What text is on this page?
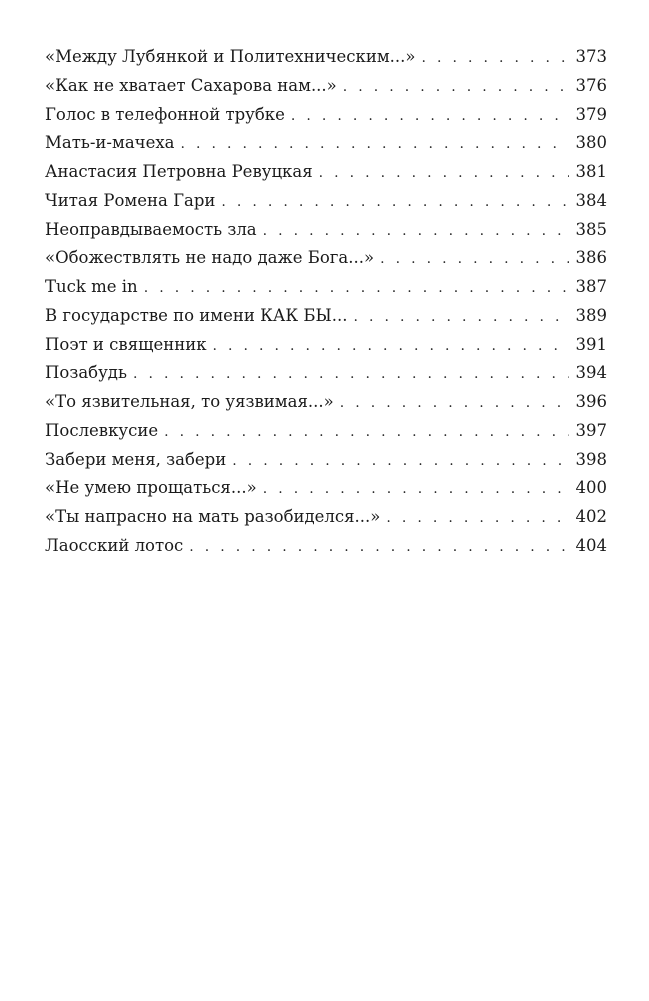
«Между Лубянкой и Политехническим...» . . .	373
«Как не хватает Сахарова нам...» . . .	376
Голос в телефонной трубке . . .	379
Мать-и-мачеха . . .	380
Анастасия Петровна Ревуцкая . . .	381
Читая Ромена Гари . . .	384
Неоправдываемость зла . . .	385
«Обожествлять не надо даже Бога...» . . .	386
Tuck me in . . .	387
В государстве по имени КАК БЫ... . . .	389
Поэт и священник . . .	391
Позабудь . . .	394
«То язвительная, то уязвимая...» . . .	396
Послевкусие . . .	397
Забери меня, забери . . .	398
«Не умею прощаться...» . . .	400
«Ты напрасно на мать разобиделся...» . . .	402
Лаосский лотос . . .	404
